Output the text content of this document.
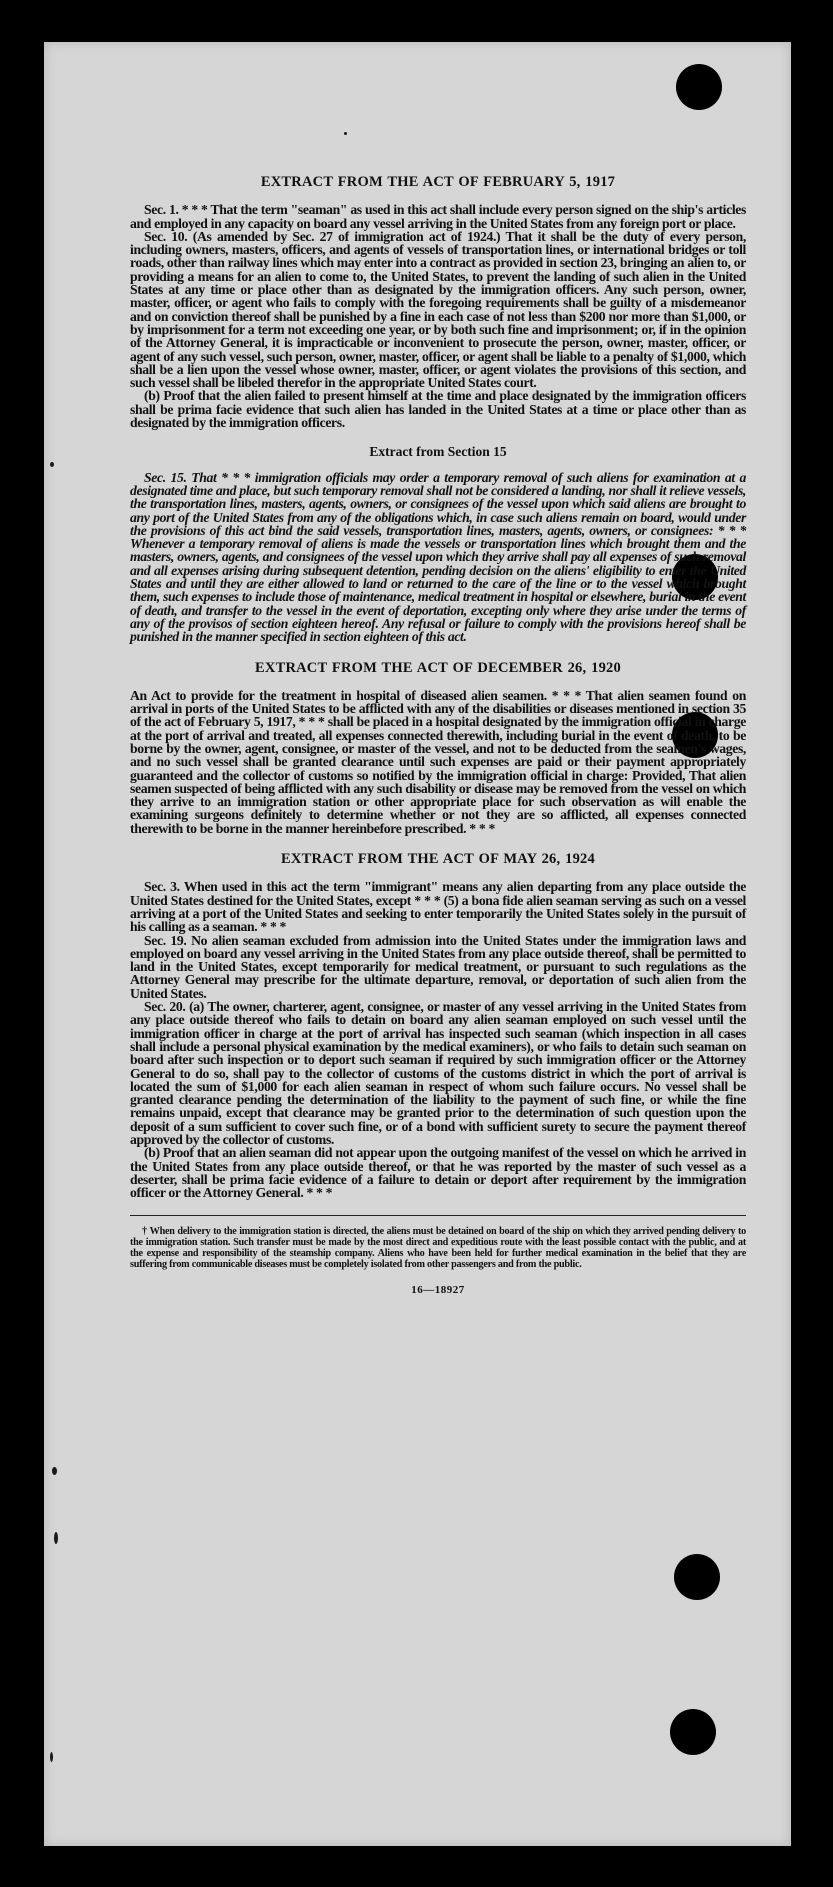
EXTRACT FROM THE ACT OF FEBRUARY 5, 1917

Sec. 1. * * * That the term "seaman" as used in this act shall include every person signed on the ship's articles and employed in any capacity on board any vessel arriving in the United States from any foreign port or place.

Sec. 10. (As amended by Sec. 27 of immigration act of 1924.) That it shall be the duty of every person, including owners, masters, officers, and agents of vessels of transportation lines, or international bridges or toll roads, other than railway lines which may enter into a contract as provided in section 23, bringing an alien to, or providing a means for an alien to come to, the United States, to prevent the landing of such alien in the United States at any time or place other than as designated by the immigration officers. Any such person, owner, master, officer, or agent who fails to comply with the foregoing requirements shall be guilty of a misdemeanor and on conviction thereof shall be punished by a fine in each case of not less than $200 nor more than $1,000, or by imprisonment for a term not exceeding one year, or by both such fine and imprisonment; or, if in the opinion of the Attorney General, it is impracticable or inconvenient to prosecute the person, owner, master, officer, or agent of any such vessel, such person, owner, master, officer, or agent shall be liable to a penalty of $1,000, which shall be a lien upon the vessel whose owner, master, officer, or agent violates the provisions of this section, and such vessel shall be libeled therefor in the appropriate United States court.

(b) Proof that the alien failed to present himself at the time and place designated by the immigration officers shall be prima facie evidence that such alien has landed in the United States at a time or place other than as designated by the immigration officers.

Extract from Section 15

Sec. 15. That * * * immigration officials may order a temporary removal of such aliens for examination at a designated time and place, but such temporary removal shall not be considered a landing, nor shall it relieve vessels, the transportation lines, masters, agents, owners, or consignees of the vessel upon which said aliens are brought to any port of the United States from any of the obligations which, in case such aliens remain on board, would under the provisions of this act bind the said vessels, transportation lines, masters, agents, owners, or consignees: * * * Whenever a temporary removal of aliens is made the vessels or transportation lines which brought them and the masters, owners, agents, and consignees of the vessel upon which they arrive shall pay all expenses of such removal and all expenses arising during subsequent detention, pending decision on the aliens' eligibility to enter the United States and until they are either allowed to land or returned to the care of the line or to the vessel which brought them, such expenses to include those of maintenance, medical treatment in hospital or elsewhere, burial in the event of death, and transfer to the vessel in the event of deportation, excepting only where they arise under the terms of any of the provisos of section eighteen hereof. Any refusal or failure to comply with the provisions hereof shall be punished in the manner specified in section eighteen of this act.

EXTRACT FROM THE ACT OF DECEMBER 26, 1920

An Act to provide for the treatment in hospital of diseased alien seamen. * * * That alien seamen found on arrival in ports of the United States to be afflicted with any of the disabilities or diseases mentioned in section 35 of the act of February 5, 1917, * * * shall be placed in a hospital designated by the immigration official in charge at the port of arrival and treated, all expenses connected therewith, including burial in the event of death, to be borne by the owner, agent, consignee, or master of the vessel, and not to be deducted from the seamen's wages, and no such vessel shall be granted clearance until such expenses are paid or their payment appropriately guaranteed and the collector of customs so notified by the immigration official in charge: Provided, That alien seamen suspected of being afflicted with any such disability or disease may be removed from the vessel on which they arrive to an immigration station or other appropriate place for such observation as will enable the examining surgeons definitely to determine whether or not they are so afflicted, all expenses connected therewith to be borne in the manner hereinbefore prescribed. * * *

EXTRACT FROM THE ACT OF MAY 26, 1924

Sec. 3. When used in this act the term "immigrant" means any alien departing from any place outside the United States destined for the United States, except * * * (5) a bona fide alien seaman serving as such on a vessel arriving at a port of the United States and seeking to enter temporarily the United States solely in the pursuit of his calling as a seaman. * * *

Sec. 19. No alien seaman excluded from admission into the United States under the immigration laws and employed on board any vessel arriving in the United States from any place outside thereof, shall be permitted to land in the United States, except temporarily for medical treatment, or pursuant to such regulations as the Attorney General may prescribe for the ultimate departure, removal, or deportation of such alien from the United States.

Sec. 20. (a) The owner, charterer, agent, consignee, or master of any vessel arriving in the United States from any place outside thereof who fails to detain on board any alien seaman employed on such vessel until the immigration officer in charge at the port of arrival has inspected such seaman (which inspection in all cases shall include a personal physical examination by the medical examiners), or who fails to detain such seaman on board after such inspection or to deport such seaman if required by such immigration officer or the Attorney General to do so, shall pay to the collector of customs of the customs district in which the port of arrival is located the sum of $1,000 for each alien seaman in respect of whom such failure occurs. No vessel shall be granted clearance pending the determination of the liability to the payment of such fine, or while the fine remains unpaid, except that clearance may be granted prior to the determination of such question upon the deposit of a sum sufficient to cover such fine, or of a bond with sufficient surety to secure the payment thereof approved by the collector of customs.

(b) Proof that an alien seaman did not appear upon the outgoing manifest of the vessel on which he arrived in the United States from any place outside thereof, or that he was reported by the master of such vessel as a deserter, shall be prima facie evidence of a failure to detain or deport after requirement by the immigration officer or the Attorney General. * * *

† When delivery to the immigration station is directed, the aliens must be detained on board of the ship on which they arrived pending delivery to the immigration station. Such transfer must be made by the most direct and expeditious route with the least possible contact with the public, and at the expense and responsibility of the steamship company. Aliens who have been held for further medical examination in the belief that they are suffering from communicable diseases must be completely isolated from other passengers and from the public.

16—18927
